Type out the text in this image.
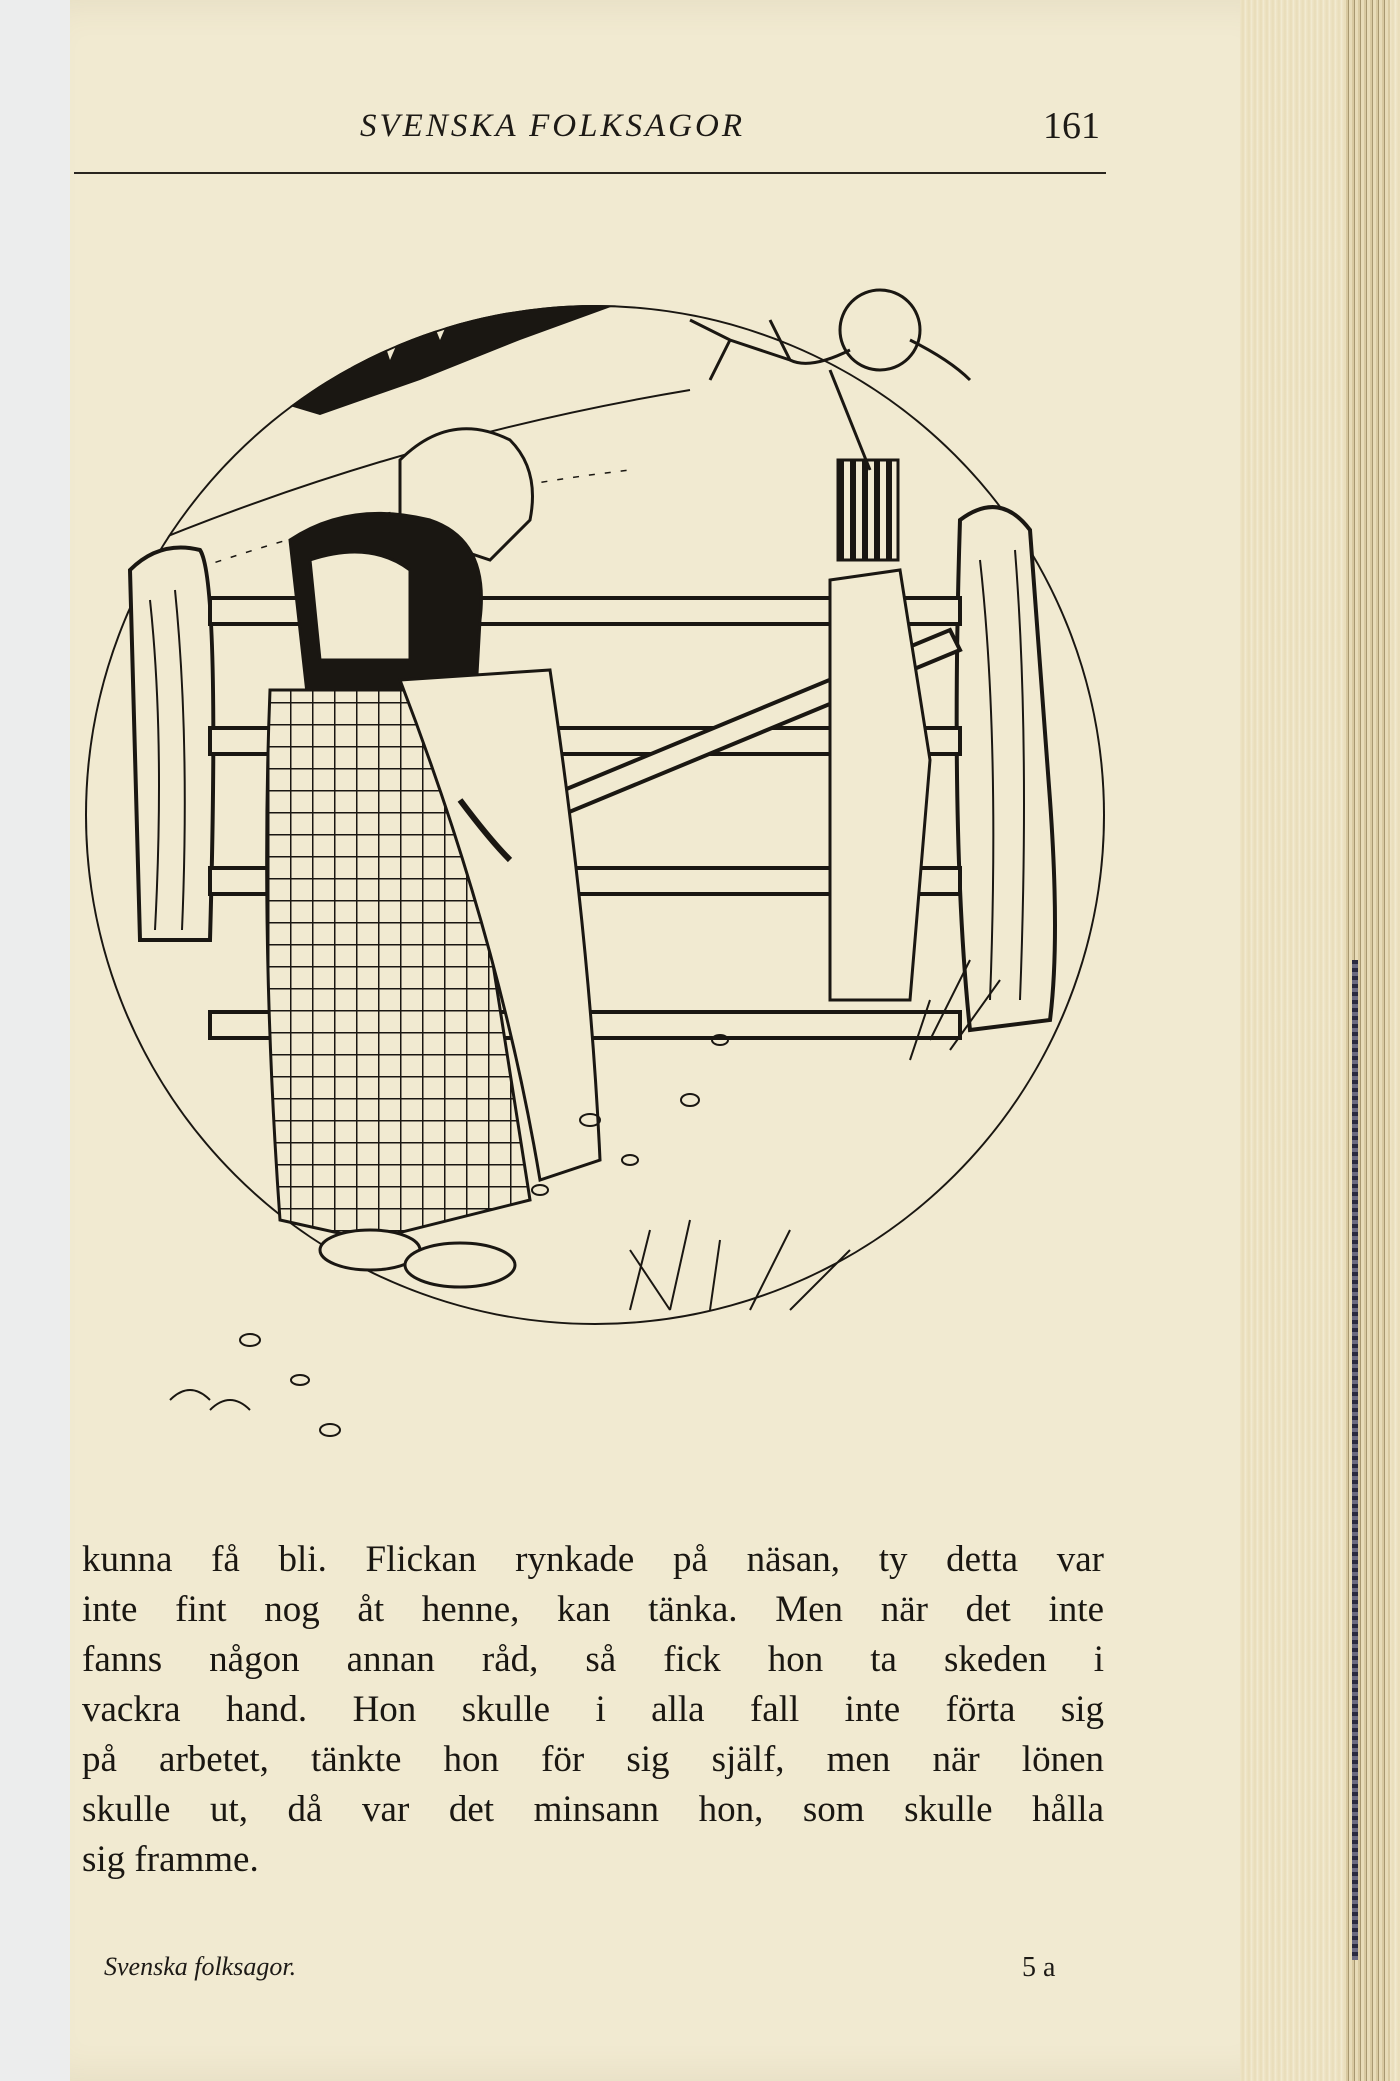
SVENSKA FOLKSAGOR	161

kunna få bli. Flickan rynkade på näsan, ty detta var
inte fint nog åt henne, kan tänka. Men när det inte
fanns någon annan råd, så fick hon ta skeden i
vackra hand. Hon skulle i alla fall inte förta sig
på arbetet, tänkte hon för sig själf, men när lönen
skulle ut, då var det minsann hon, som skulle hålla
sig framme.

Svenska folksagor.	5 a
